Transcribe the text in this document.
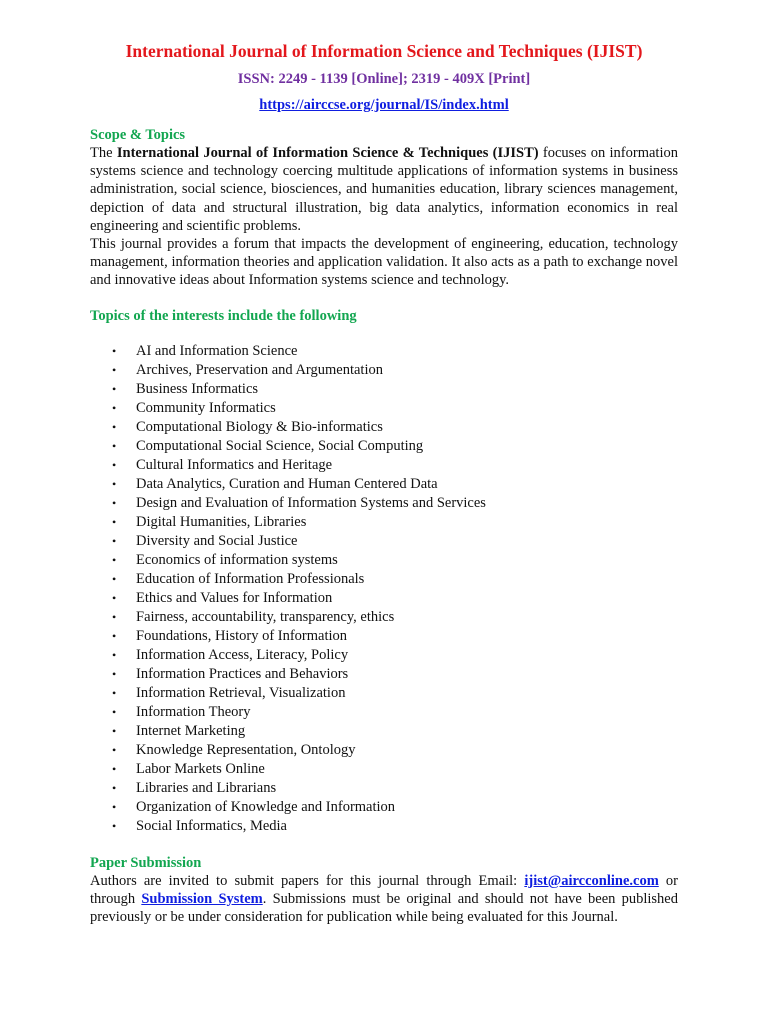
International Journal of Information Science and Techniques (IJIST)
ISSN: 2249 - 1139 [Online]; 2319 - 409X [Print]
https://airccse.org/journal/IS/index.html
Scope & Topics

The International Journal of Information Science & Techniques (IJIST) focuses on information systems science and technology coercing multitude applications of information systems in business administration, social science, biosciences, and humanities education, library sciences management, depiction of data and structural illustration, big data analytics, information economics in real engineering and scientific problems.

This journal provides a forum that impacts the development of engineering, education, technology management, information theories and application validation. It also acts as a path to exchange novel and innovative ideas about Information systems science and technology.

Topics of the interests include the following
• AI and Information Science
• Archives, Preservation and Argumentation
• Business Informatics
• Community Informatics
• Computational Biology & Bio-informatics
• Computational Social Science, Social Computing
• Cultural Informatics and Heritage
• Data Analytics, Curation and Human Centered Data
• Design and Evaluation of Information Systems and Services
• Digital Humanities, Libraries
• Diversity and Social Justice
• Economics of information systems
• Education of Information Professionals
• Ethics and Values for Information
• Fairness, accountability, transparency, ethics
• Foundations, History of Information
• Information Access, Literacy, Policy
• Information Practices and Behaviors
• Information Retrieval, Visualization
• Information Theory
• Internet Marketing
• Knowledge Representation, Ontology
• Labor Markets Online
• Libraries and Librarians
• Organization of Knowledge and Information
• Social Informatics, Media
Paper Submission

Authors are invited to submit papers for this journal through Email: ijist@aircconline.com or through Submission System. Submissions must be original and should not have been published previously or be under consideration for publication while being evaluated for this Journal.
